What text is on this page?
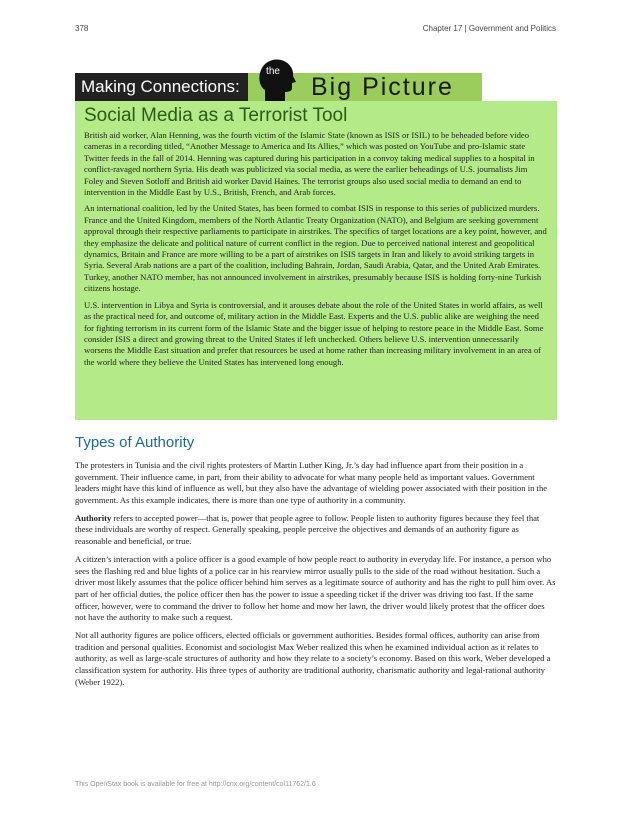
378	Chapter 17 | Government and Politics
Making Connections:	Big Picture
the
Social Media as a Terrorist Tool

British aid worker, Alan Henning, was the fourth victim of the Islamic State (known as ISIS or ISIL) to be beheaded before video cameras in a recording titled, “Another Message to America and Its Allies,” which was posted on YouTube and pro-Islamic state Twitter feeds in the fall of 2014. Henning was captured during his participation in a convoy taking medical supplies to a hospital in conflict-ravaged northern Syria. His death was publicized via social media, as were the earlier beheadings of U.S. journalists Jim Foley and Steven Sotloff and British aid worker David Haines. The terrorist groups also used social media to demand an end to intervention in the Middle East by U.S., British, French, and Arab forces.

An international coalition, led by the United States, has been formed to combat ISIS in response to this series of publicized murders. France and the United Kingdom, members of the North Atlantic Treaty Organization (NATO), and Belgium are seeking government approval through their respective parliaments to participate in airstrikes. The specifics of target locations are a key point, however, and they emphasize the delicate and political nature of current conflict in the region. Due to perceived national interest and geopolitical dynamics, Britain and France are more willing to be a part of airstrikes on ISIS targets in Iran and likely to avoid striking targets in Syria. Several Arab nations are a part of the coalition, including Bahrain, Jordan, Saudi Arabia, Qatar, and the United Arab Emirates. Turkey, another NATO member, has not announced involvement in airstrikes, presumably because ISIS is holding forty-nine Turkish citizens hostage.

U.S. intervention in Libya and Syria is controversial, and it arouses debate about the role of the United States in world affairs, as well as the practical need for, and outcome of, military action in the Middle East. Experts and the U.S. public alike are weighing the need for fighting terrorism in its current form of the Islamic State and the bigger issue of helping to restore peace in the Middle East. Some consider ISIS a direct and growing threat to the United States if left unchecked. Others believe U.S. intervention unnecessarily worsens the Middle East situation and prefer that resources be used at home rather than increasing military involvement in an area of the world where they believe the United States has intervened long enough.

Types of Authority

The protesters in Tunisia and the civil rights protesters of Martin Luther King, Jr.’s day had influence apart from their position in a government. Their influence came, in part, from their ability to advocate for what many people held as important values. Government leaders might have this kind of influence as well, but they also have the advantage of wielding power associated with their position in the government. As this example indicates, there is more than one type of authority in a community.

Authority refers to accepted power—that is, power that people agree to follow. People listen to authority figures because they feel that these individuals are worthy of respect. Generally speaking, people perceive the objectives and demands of an authority figure as reasonable and beneficial, or true.

A citizen’s interaction with a police officer is a good example of how people react to authority in everyday life. For instance, a person who sees the flashing red and blue lights of a police car in his rearview mirror usually pulls to the side of the road without hesitation. Such a driver most likely assumes that the police officer behind him serves as a legitimate source of authority and has the right to pull him over. As part of her official duties, the police officer then has the power to issue a speeding ticket if the driver was driving too fast. If the same officer, however, were to command the driver to follow her home and mow her lawn, the driver would likely protest that the officer does not have the authority to make such a request.

Not all authority figures are police officers, elected officials or government authorities. Besides formal offices, authority can arise from tradition and personal qualities. Economist and sociologist Max Weber realized this when he examined individual action as it relates to authority, as well as large-scale structures of authority and how they relate to a society’s economy. Based on this work, Weber developed a classification system for authority. His three types of authority are traditional authority, charismatic authority and legal-rational authority (Weber 1922).

This OpenStax book is available for free at http://cnx.org/content/col11762/1.6
